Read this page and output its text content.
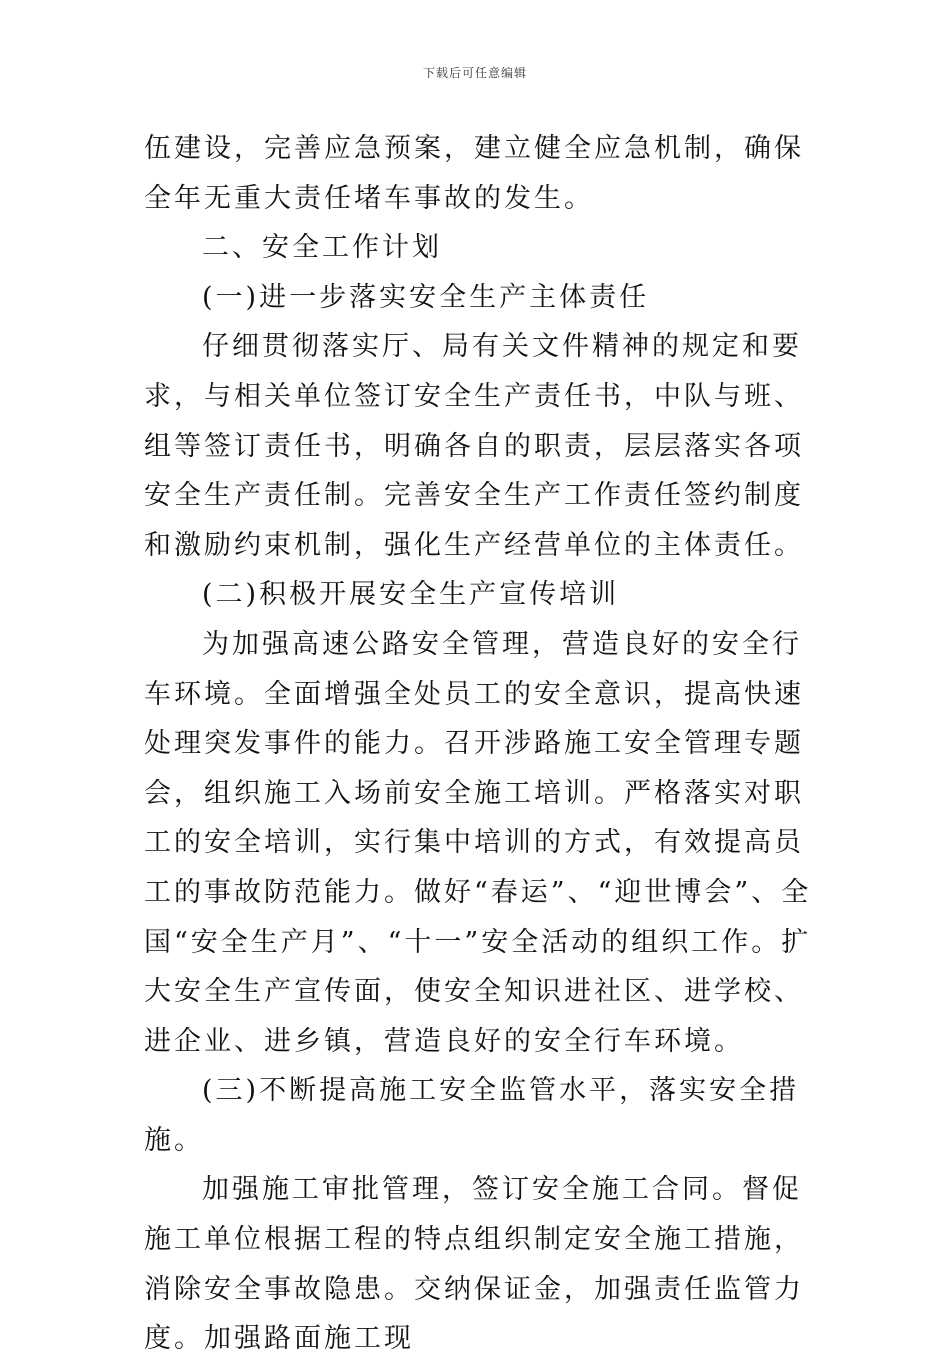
下载后可任意编辑

伍建设，完善应急预案，建立健全应急机制，确保全年无重大责任堵车事故的发生。

二、安全工作计划

(一)进一步落实安全生产主体责任

仔细贯彻落实厅、局有关文件精神的规定和要求，与相关单位签订安全生产责任书，中队与班、组等签订责任书，明确各自的职责，层层落实各项安全生产责任制。完善安全生产工作责任签约制度和激励约束机制，强化生产经营单位的主体责任。

(二)积极开展安全生产宣传培训

为加强高速公路安全管理，营造良好的安全行车环境。全面增强全处员工的安全意识，提高快速处理突发事件的能力。召开涉路施工安全管理专题会，组织施工入场前安全施工培训。严格落实对职工的安全培训，实行集中培训的方式，有效提高员工的事故防范能力。做好“春运”、“迎世博会”、全国“安全生产月”、“十一”安全活动的组织工作。扩大安全生产宣传面，使安全知识进社区、进学校、进企业、进乡镇，营造良好的安全行车环境。

(三)不断提高施工安全监管水平，落实安全措施。

加强施工审批管理，签订安全施工合同。督促施工单位根据工程的特点组织制定安全施工措施，消除安全事故隐患。交纳保证金，加强责任监管力度。加强路面施工现
